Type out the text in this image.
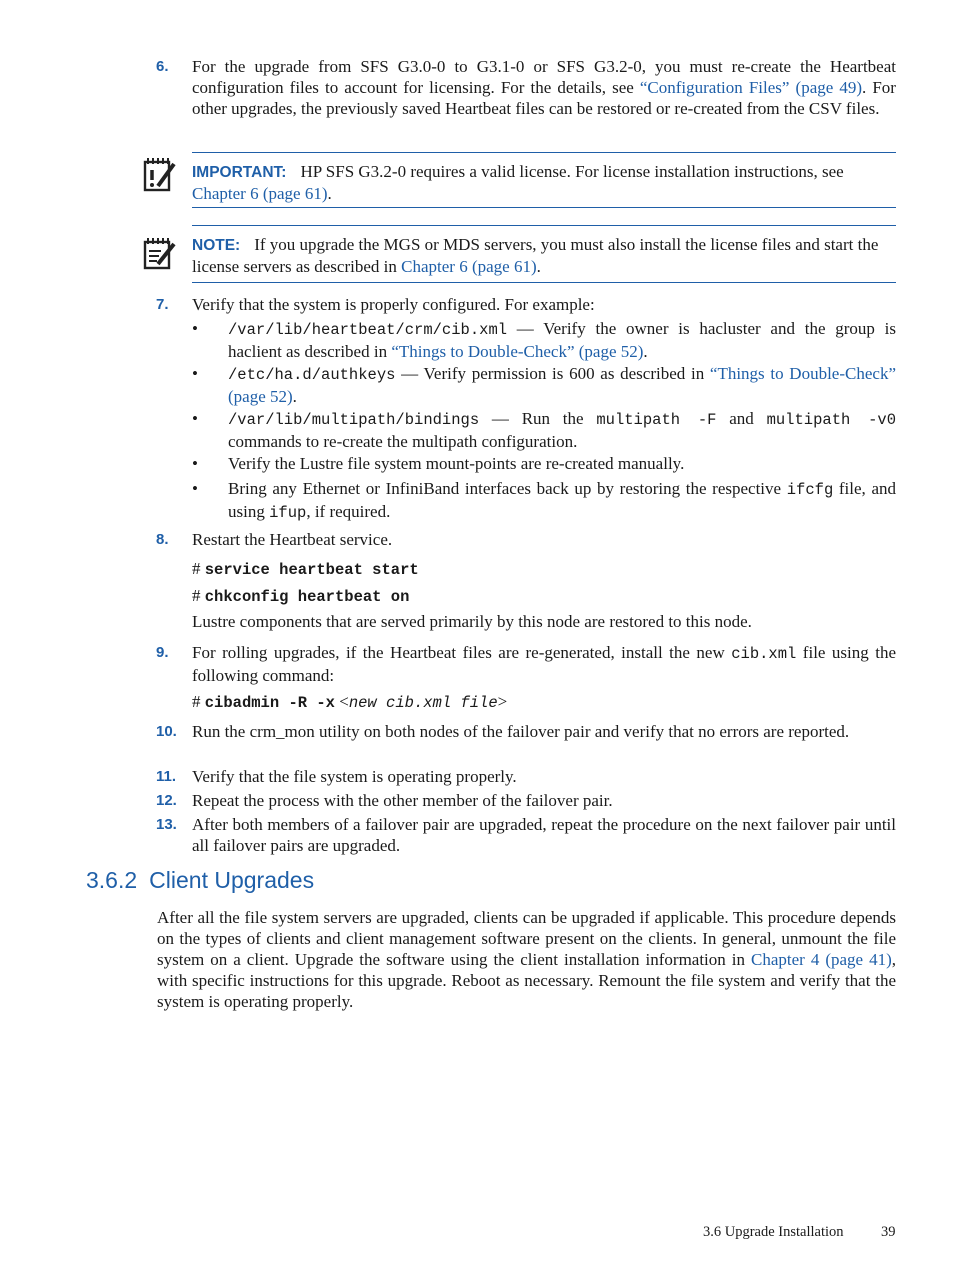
6.	For the upgrade from SFS G3.0-0 to G3.1-0 or SFS G3.2-0, you must re-create the Heartbeat configuration files to account for licensing. For the details, see “Configuration Files” (page 49). For other upgrades, the previously saved Heartbeat files can be restored or re-created from the CSV files.
IMPORTANT: HP SFS G3.2-0 requires a valid license. For license installation instructions, see Chapter 6 (page 61).
NOTE: If you upgrade the MGS or MDS servers, you must also install the license files and start the license servers as described in Chapter 6 (page 61).
7.	Verify that the system is properly configured. For example:
•	/var/lib/heartbeat/crm/cib.xml — Verify the owner is hacluster and the group is haclient as described in “Things to Double-Check” (page 52).
•	/etc/ha.d/authkeys — Verify permission is 600 as described in “Things to Double-Check” (page 52).
•	/var/lib/multipath/bindings — Run the multipath -F and multipath -v0 commands to re-create the multipath configuration.
•	Verify the Lustre file system mount-points are re-created manually.
•	Bring any Ethernet or InfiniBand interfaces back up by restoring the respective ifcfg file, and using ifup, if required.
8.	Restart the Heartbeat service.
# service heartbeat start
# chkconfig heartbeat on
Lustre components that are served primarily by this node are restored to this node.
9.	For rolling upgrades, if the Heartbeat files are re-generated, install the new cib.xml file using the following command:
# cibadmin -R -x <new cib.xml file>
10. Run the crm_mon utility on both nodes of the failover pair and verify that no errors are reported.
11. Verify that the file system is operating properly.
12. Repeat the process with the other member of the failover pair.
13. After both members of a failover pair are upgraded, repeat the procedure on the next failover pair until all failover pairs are upgraded.
3.6.2 Client Upgrades
After all the file system servers are upgraded, clients can be upgraded if applicable. This procedure depends on the types of clients and client management software present on the clients. In general, unmount the file system on a client. Upgrade the software using the client installation information in Chapter 4 (page 41), with specific instructions for this upgrade. Reboot as necessary. Remount the file system and verify that the system is operating properly.
3.6 Upgrade Installation	39
